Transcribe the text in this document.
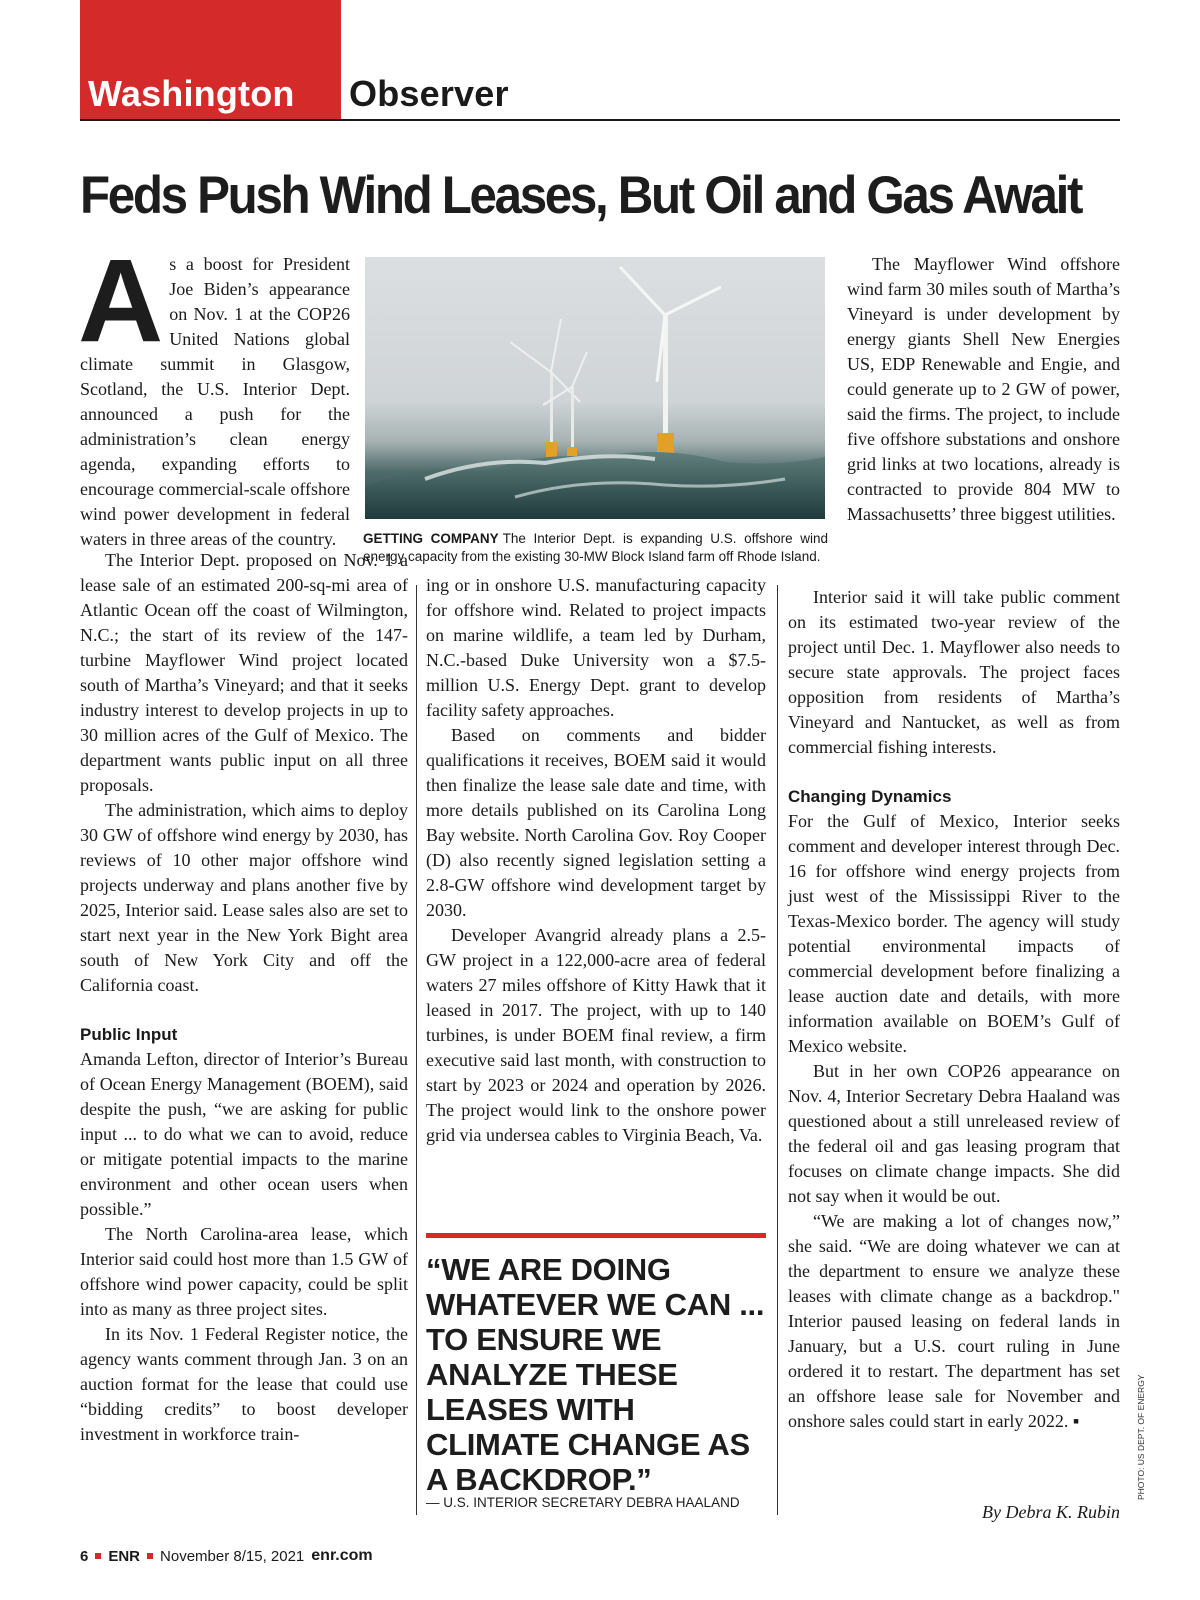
Washington Observer
Feds Push Wind Leases, But Oil and Gas Await
A s a boost for President Joe Biden’s appearance on Nov. 1 at the COP26 United Nations global climate summit in Glasgow, Scotland, the U.S. Interior Dept. announced a push for the administration’s clean energy agenda, expanding efforts to encourage commercial-scale offshore wind power development in federal waters in three areas of the country.

The Interior Dept. proposed on Nov. 1 a lease sale of an estimated 200-sq-mi area of Atlantic Ocean off the coast of Wilmington, N.C.; the start of its review of the 147-turbine Mayflower Wind project located south of Martha’s Vineyard; and that it seeks industry interest to develop projects in up to 30 million acres of the Gulf of Mexico. The department wants public input on all three proposals.

The administration, which aims to deploy 30 GW of offshore wind energy by 2030, has reviews of 10 other major offshore wind projects underway and plans another five by 2025, Interior said. Lease sales also are set to start next year in the New York Bight area south of New York City and off the California coast.

Public Input

Amanda Lefton, director of Interior’s Bureau of Ocean Energy Management (BOEM), said despite the push, “we are asking for public input ... to do what we can to avoid, reduce or mitigate potential impacts to the marine environment and other ocean users when possible.”

The North Carolina-area lease, which Interior said could host more than 1.5 GW of offshore wind power capacity, could be split into as many as three project sites.

In its Nov. 1 Federal Register notice, the agency wants comment through Jan. 3 on an auction format for the lease that could use “bidding credits” to boost developer investment in workforce train-

GETTING COMPANY The Interior Dept. is expanding U.S. offshore wind energy capacity from the existing 30-MW Block Island farm off Rhode Island.

ing or in onshore U.S. manufacturing capacity for offshore wind. Related to project impacts on marine wildlife, a team led by Durham, N.C.-based Duke University won a $7.5-million U.S. Energy Dept. grant to develop facility safety approaches.

Based on comments and bidder qualifications it receives, BOEM said it would then finalize the lease sale date and time, with more details published on its Carolina Long Bay website. North Carolina Gov. Roy Cooper (D) also recently signed legislation setting a 2.8-GW offshore wind development target by 2030.

Developer Avangrid already plans a 2.5-GW project in a 122,000-acre area of federal waters 27 miles offshore of Kitty Hawk that it leased in 2017. The project, with up to 140 turbines, is under BOEM final review, a firm executive said last month, with construction to start by 2023 or 2024 and operation by 2026. The project would link to the onshore power grid via undersea cables to Virginia Beach, Va.

“WE ARE DOING WHATEVER WE CAN ... TO ENSURE WE ANALYZE THESE LEASES WITH CLIMATE CHANGE AS A BACKDROP.”
— U.S. INTERIOR SECRETARY DEBRA HAALAND

The Mayflower Wind offshore wind farm 30 miles south of Martha’s Vineyard is under development by energy giants Shell New Energies US, EDP Renewable and Engie, and could generate up to 2 GW of power, said the firms. The project, to include five offshore substations and onshore grid links at two locations, already is contracted to provide 804 MW to Massachusetts’ three biggest utilities.

Interior said it will take public comment on its estimated two-year review of the project until Dec. 1. Mayflower also needs to secure state approvals. The project faces opposition from residents of Martha’s Vineyard and Nantucket, as well as from commercial fishing interests.

Changing Dynamics

For the Gulf of Mexico, Interior seeks comment and developer interest through Dec. 16 for offshore wind energy projects from just west of the Mississippi River to the Texas-Mexico border. The agency will study potential environmental impacts of commercial development before finalizing a lease auction date and details, with more information available on BOEM’s Gulf of Mexico website.

But in her own COP26 appearance on Nov. 4, Interior Secretary Debra Haaland was questioned about a still unreleased review of the federal oil and gas leasing program that focuses on climate change impacts. She did not say when it would be out.

“We are making a lot of changes now,” she said. “We are doing whatever we can at the department to ensure we analyze these leases with climate change as a backdrop." Interior paused leasing on federal lands in January, but a U.S. court ruling in June ordered it to restart. The department has set an offshore lease sale for November and onshore sales could start in early 2022. ▪

By Debra K. Rubin
PHOTO: US DEPT. OF ENERGY
6 ENR November 8/15, 2021 enr.com
